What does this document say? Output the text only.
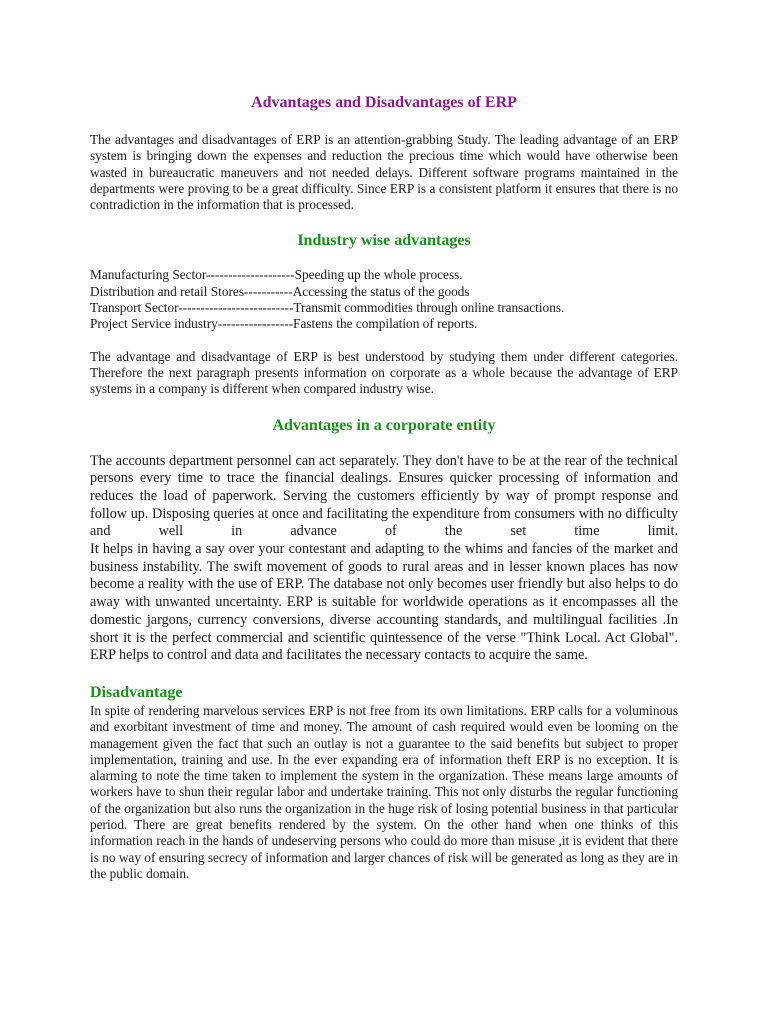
Advantages and Disadvantages of ERP

The advantages and disadvantages of ERP is an attention-grabbing Study. The leading advantage of an ERP system is bringing down the expenses and reduction the precious time which would have otherwise been wasted in bureaucratic maneuvers and not needed delays. Different software programs maintained in the departments were proving to be a great difficulty. Since ERP is a consistent platform it ensures that there is no contradiction in the information that is processed.

Industry wise advantages
Manufacturing Sector--------------------Speeding up the whole process.
Distribution and retail Stores-----------Accessing the status of the goods
Transport Sector--------------------------Transmit commodities through online transactions.
Project Service industry-----------------Fastens the compilation of reports.

The advantage and disadvantage of ERP is best understood by studying them under different categories. Therefore the next paragraph presents information on corporate as a whole because the advantage of ERP systems in a company is different when compared industry wise.

Advantages in a corporate entity

The accounts department personnel can act separately. They don't have to be at the rear of the technical persons every time to trace the financial dealings. Ensures quicker processing of information and reduces the load of paperwork. Serving the customers efficiently by way of prompt response and follow up. Disposing queries at once and facilitating the expenditure from consumers with no difficulty and well in advance of the set time limit.

It helps in having a say over your contestant and adapting to the whims and fancies of the market and business instability. The swift movement of goods to rural areas and in lesser known places has now become a reality with the use of ERP. The database not only becomes user friendly but also helps to do away with unwanted uncertainty. ERP is suitable for worldwide operations as it encompasses all the domestic jargons, currency conversions, diverse accounting standards, and multilingual facilities .In short it is the perfect commercial and scientific quintessence of the verse "Think Local. Act Global". ERP helps to control and data and facilitates the necessary contacts to acquire the same.

Disadvantage

In spite of rendering marvelous services ERP is not free from its own limitations. ERP calls for a voluminous and exorbitant investment of time and money. The amount of cash required would even be looming on the management given the fact that such an outlay is not a guarantee to the said benefits but subject to proper implementation, training and use. In the ever expanding era of information theft ERP is no exception. It is alarming to note the time taken to implement the system in the organization. These means large amounts of workers have to shun their regular labor and undertake training. This not only disturbs the regular functioning of the organization but also runs the organization in the huge risk of losing potential business in that particular period. There are great benefits rendered by the system. On the other hand when one thinks of this information reach in the hands of undeserving persons who could do more than misuse ,it is evident that there is no way of ensuring secrecy of information and larger chances of risk will be generated as long as they are in the public domain.
